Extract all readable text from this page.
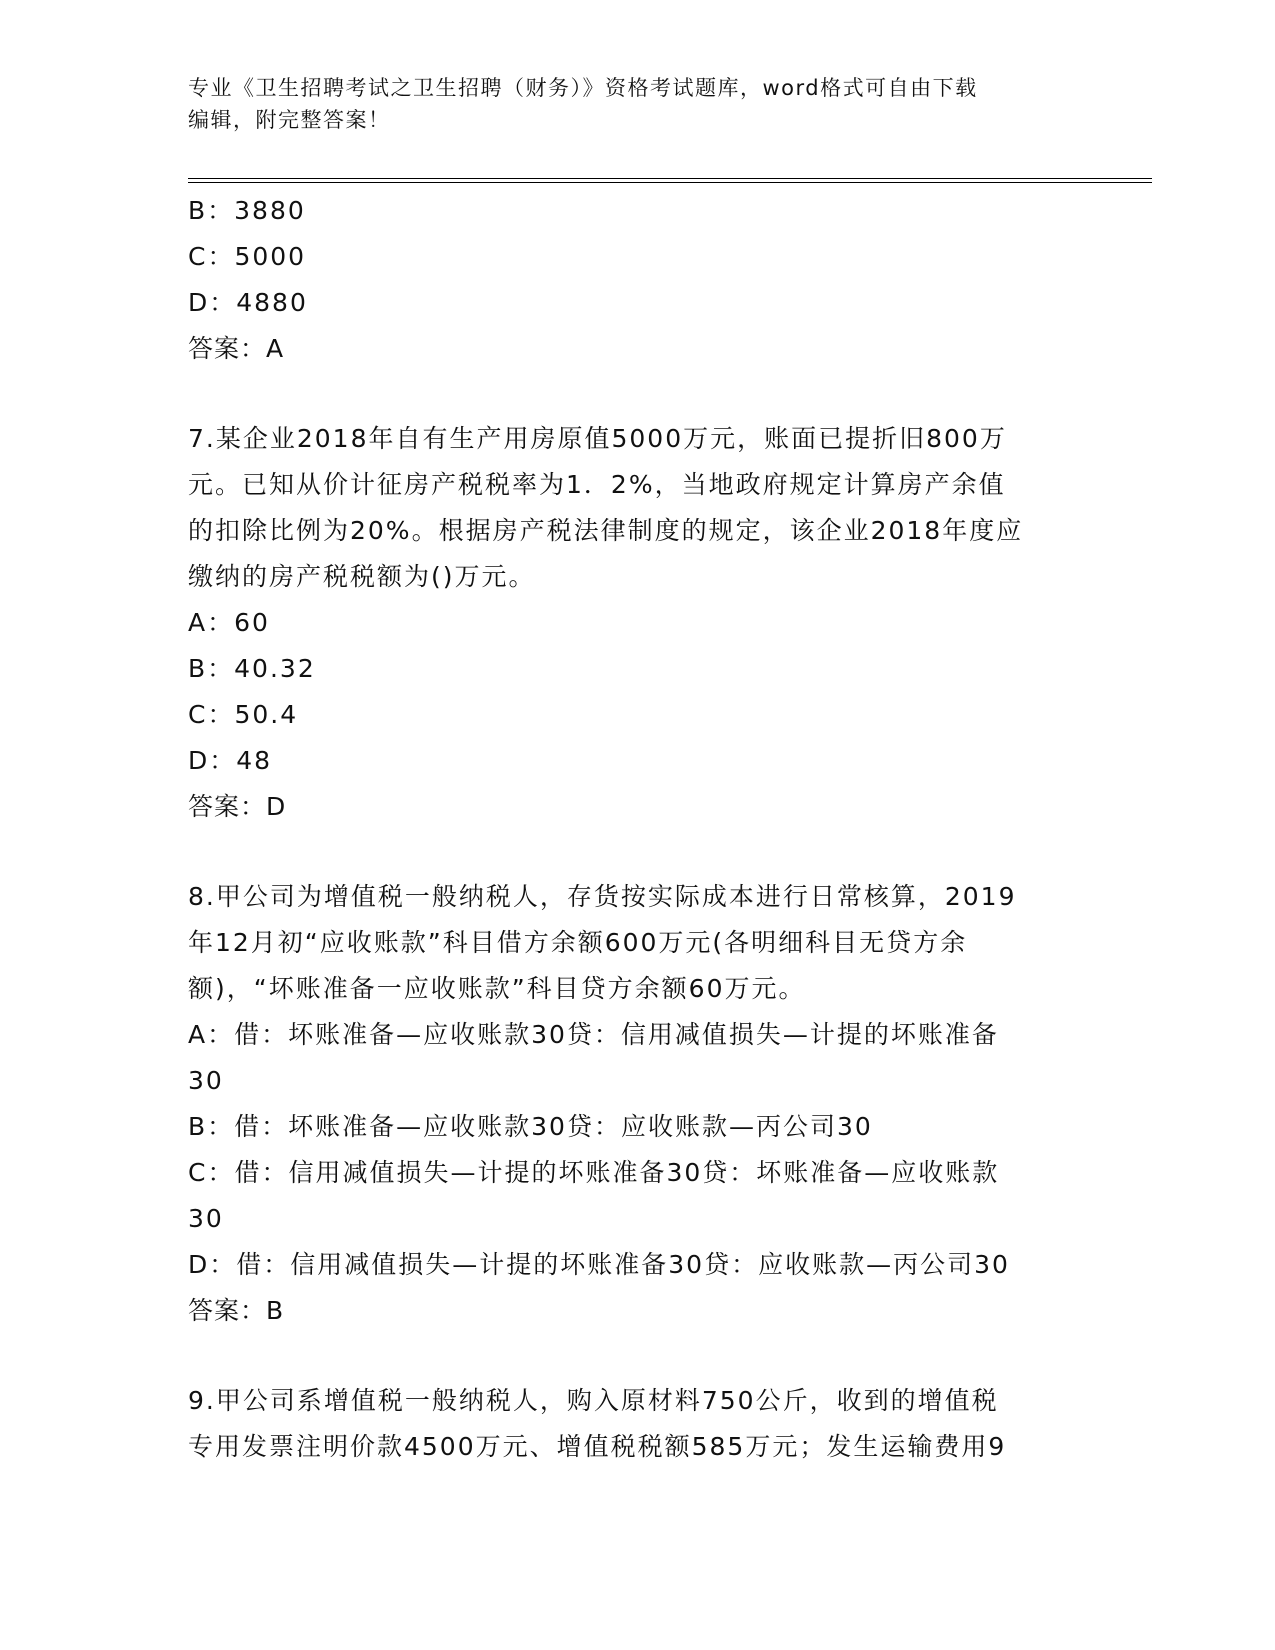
专业《卫生招聘考试之卫生招聘（财务）》资格考试题库，word格式可自由下载
编辑，附完整答案！
B：3880
C：5000
D：4880
答案：A
7.某企业2018年自有生产用房原值5000万元，账面已提折旧800万
元。已知从价计征房产税税率为1．2%，当地政府规定计算房产余值
的扣除比例为20%。根据房产税法律制度的规定，该企业2018年度应
缴纳的房产税税额为()万元。
A：60
B：40.32
C：50.4
D：48
答案：D
8.甲公司为增值税一般纳税人，存货按实际成本进行日常核算，2019
年12月初“应收账款”科目借方余额600万元(各明细科目无贷方余
额)，“坏账准备一应收账款”科目贷方余额60万元。
A：借：坏账准备—应收账款30贷：信用减值损失—计提的坏账准备
30
B：借：坏账准备—应收账款30贷：应收账款—丙公司30
C：借：信用减值损失—计提的坏账准备30贷：坏账准备—应收账款
30
D：借：信用减值损失—计提的坏账准备30贷：应收账款—丙公司30
答案：B
9.甲公司系增值税一般纳税人，购入原材料750公斤，收到的增值税
专用发票注明价款4500万元、增值税税额585万元；发生运输费用9
